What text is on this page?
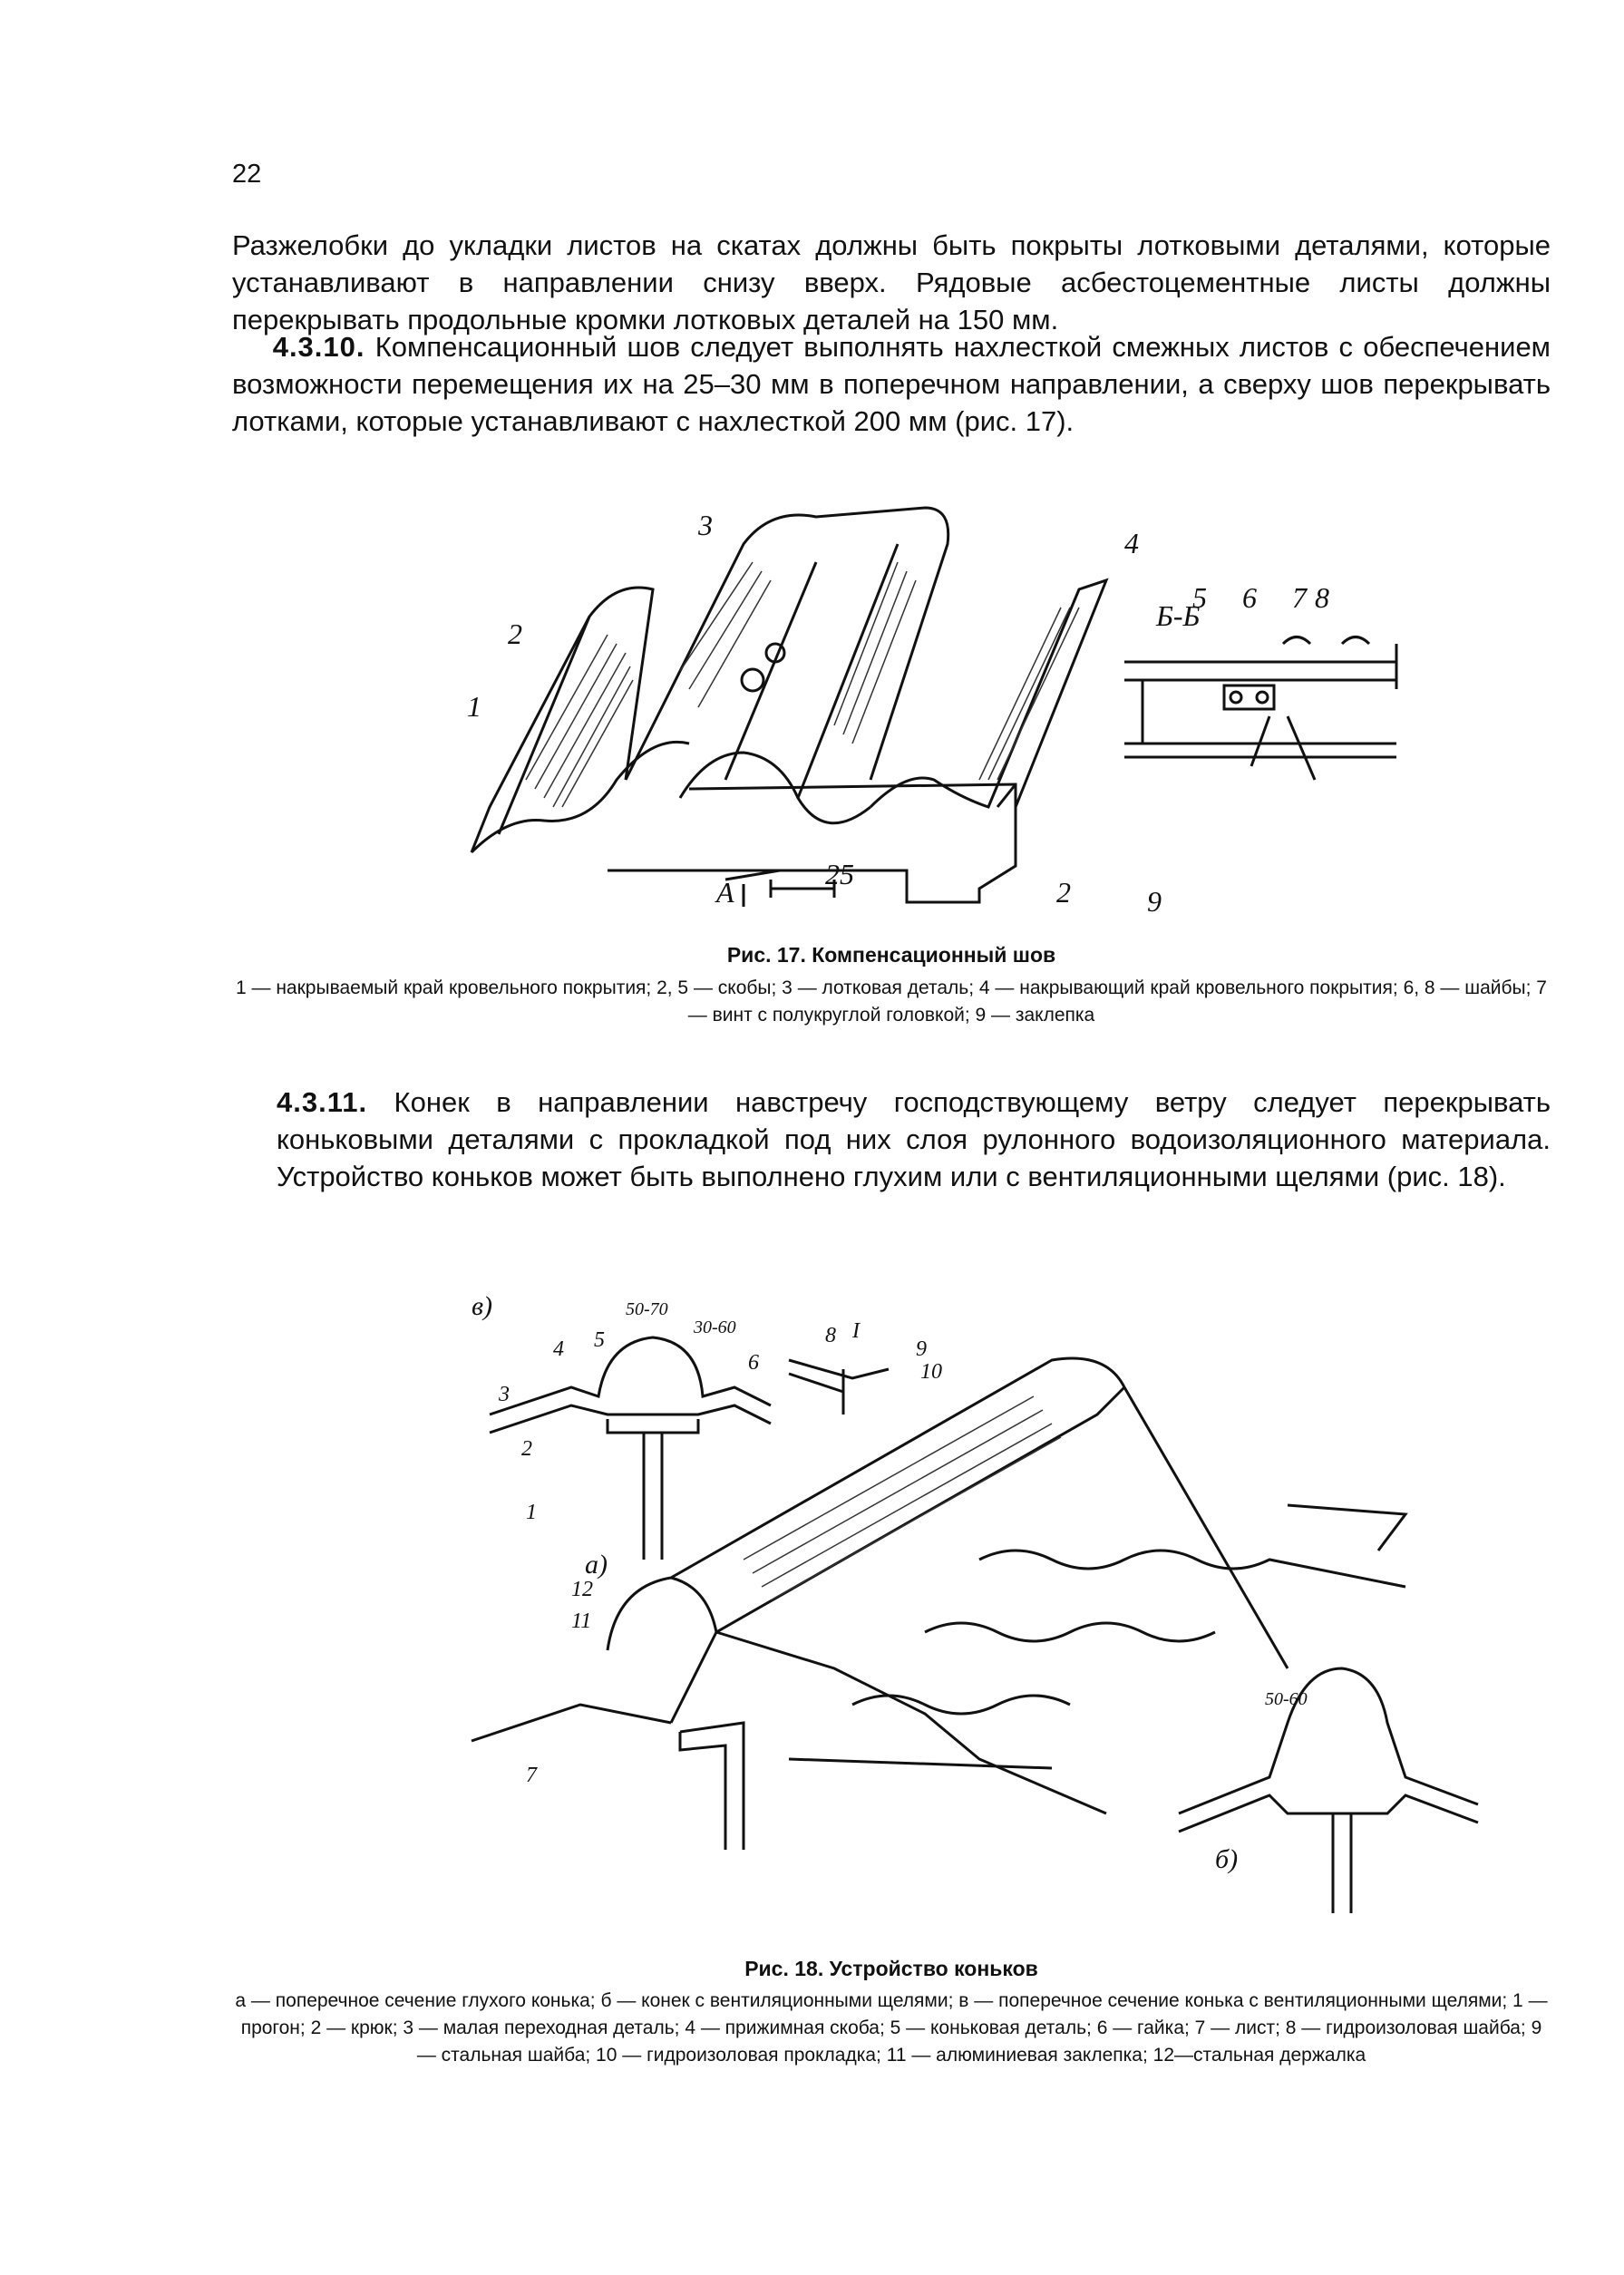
22

Разжелобки до укладки листов на скатах должны быть покрыты лотковыми деталями, которые устанавливают в направлении снизу вверх. Рядовые асбестоцементные листы должны перекрывать продольные кромки лотковых деталей на 150 мм.

4.3.10. Компенсационный шов следует выполнять нахлесткой смежных листов с обеспечением возможности перемещения их на 25–30 мм в поперечном направлении, а сверху шов перекрывать лотками, которые устанавливают с нахлесткой 200 мм (рис. 17).

1
2
3
4
Б-Б
5 6 7 8
2	9
А
25

Рис. 17. Компенсационный шов

1 — накрываемый край кровельного покрытия; 2, 5 — скобы; 3 — лотковая деталь; 4 — накрывающий край кровельного покрытия; 6, 8 — шайбы; 7 — винт с полукруглой головкой; 9 — заклепка

4.3.11. Конек в направлении навстречу господствующему ветру следует перекрывать коньковыми деталями с прокладкой под них слоя рулонного водоизоляционного материала. Устройство коньков может быть выполнено глухим или с вентиляционными щелями (рис. 18).

в)
а)
б)
50-70
30-60
50-60
I
1
2
3
4 5
6
7
8
9
10
11
12

Рис. 18. Устройство коньков

а — поперечное сечение глухого конька; б — конек с вентиляционными щелями; в — поперечное сечение конька с вентиляционными щелями; 1 — прогон; 2 — крюк; 3 — малая переходная деталь; 4 — прижимная скоба; 5 — коньковая деталь; 6 — гайка; 7 — лист; 8 — гидроизоловая шайба; 9 — стальная шайба; 10 — гидроизоловая прокладка; 11 — алюминиевая заклепка; 12—стальная держалка
